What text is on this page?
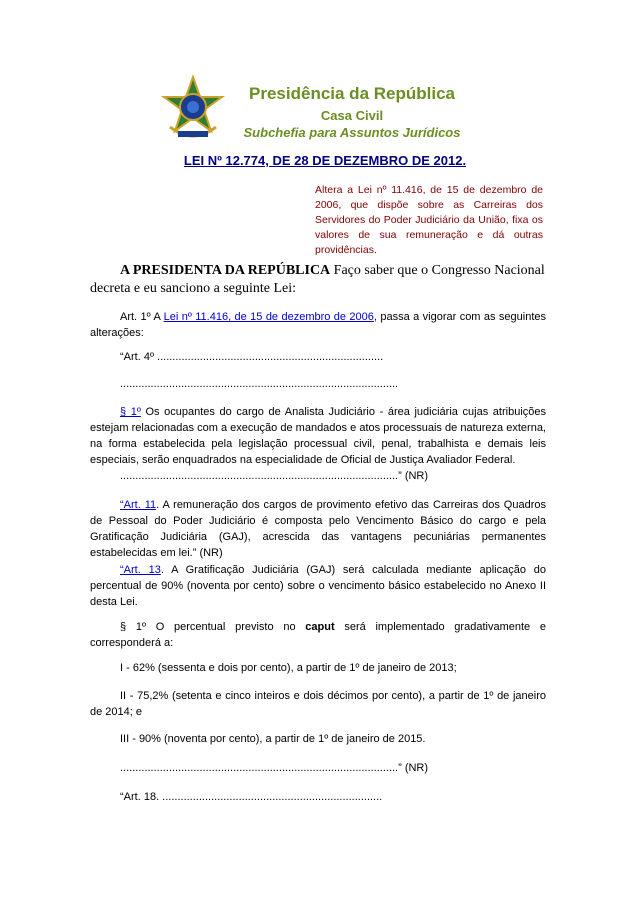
Presidência da República
Casa Civil
Subchefia para Assuntos Jurídicos
LEI Nº 12.774, DE 28 DE DEZEMBRO DE 2012.
Altera a Lei nº 11.416, de 15 de dezembro de 2006, que dispõe sobre as Carreiras dos Servidores do Poder Judiciário da União, fixa os valores de sua remuneração e dá outras providências.
A PRESIDENTA DA REPÚBLICA Faço saber que o Congresso Nacional decreta e eu sanciono a seguinte Lei:
Art. 1º A Lei nº 11.416, de 15 de dezembro de 2006, passa a vigorar com as seguintes alterações:
“Art. 4º ..........................................................................
...........................................................................................
§ 1º Os ocupantes do cargo de Analista Judiciário - área judiciária cujas atribuições estejam relacionadas com a execução de mandados e atos processuais de natureza externa, na forma estabelecida pela legislação processual civil, penal, trabalhista e demais leis especiais, serão enquadrados na especialidade de Oficial de Justiça Avaliador Federal.
...........................................................................................” (NR)
“Art. 11. A remuneração dos cargos de provimento efetivo das Carreiras dos Quadros de Pessoal do Poder Judiciário é composta pelo Vencimento Básico do cargo e pela Gratificação Judiciária (GAJ), acrescida das vantagens pecuniárias permanentes estabelecidas em lei.” (NR)
“Art. 13. A Gratificação Judiciária (GAJ) será calculada mediante aplicação do percentual de 90% (noventa por cento) sobre o vencimento básico estabelecido no Anexo II desta Lei.
§ 1º O percentual previsto no caput será implementado gradativamente e corresponderá a:
I - 62% (sessenta e dois por cento), a partir de 1º de janeiro de 2013;
II - 75,2% (setenta e cinco inteiros e dois décimos por cento), a partir de 1º de janeiro de 2014; e
III - 90% (noventa por cento), a partir de 1º de janeiro de 2015.
...........................................................................................” (NR)
“Art. 18. ........................................................................
